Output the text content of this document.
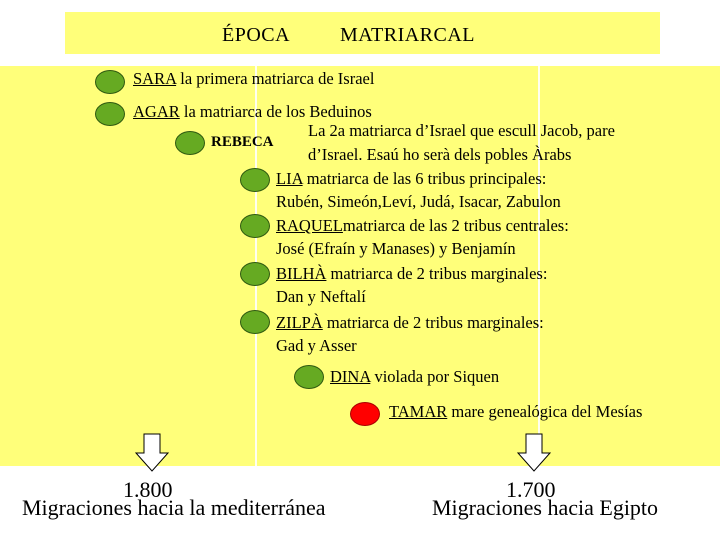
ÉPOCA MATRIARCAL
SARA la primera matriarca de Israel
AGAR la matriarca de los Beduinos
REBECA
La 2a matriarca d’Israel que escull Jacob, pare
d’Israel. Esaú ho serà dels pobles Àrabs
LIA matriarca de las 6 tribus principales:
Rubén, Simeón,Leví, Judá, Isacar, Zabulon
RAQUELmatriarca de las 2 tribus centrales:
José (Efraín y Manases) y Benjamín
BILHÀ matriarca de 2 tribus marginales:
Dan y Neftalí
ZILPÀ matriarca de 2 tribus marginales:
Gad y Asser
DINA violada por Siquen
TAMAR mare genealógica del Mesías
1.800
Migraciones hacia la mediterránea
1.700
Migraciones hacia Egipto
